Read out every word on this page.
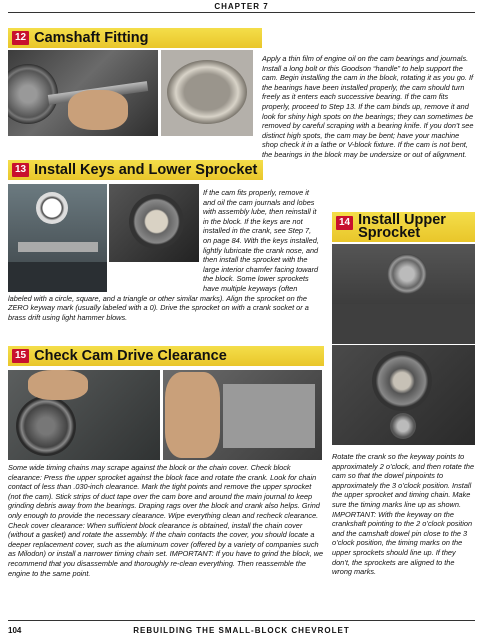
CHAPTER 7
12 Camshaft Fitting
Apply a thin film of engine oil on the cam bearings and journals. Install a long bolt or this Goodson “handle” to help support the cam. Begin installing the cam in the block, rotating it as you go. If the bearings have been installed properly, the cam should turn freely as it enters each successive bearing. If the cam fits properly, proceed to Step 13. If the cam binds up, remove it and look for shiny high spots on the bearings; they can sometimes be removed by careful scraping with a bearing knife. If you don’t see distinct high spots, the cam may be bent; have your machine shop check it in a lathe or V-block fixture. If the cam is not bent, the bearings in the block may be undersize or out of alignment.
13 Install Keys and Lower Sprocket
If the cam fits properly, remove it and oil the cam journals and lobes with assembly lube, then reinstall it in the block. If the keys are not installed in the crank, see Step 7, on page 84. With the keys installed, lightly lubricate the crank nose, and then install the sprocket with the large interior chamfer facing toward the block. Some lower sprockets have multiple keyways (often labeled with a circle, square, and a triangle or other similar marks). Align the sprocket on the ZERO keyway mark (usually labeled with a 0). Drive the sprocket on with a crank socket or a brass drift using light hammer blows.
14 Install Upper
Sprocket
Rotate the crank so the keyway points to approximately 2 o’clock, and then rotate the cam so that the dowel pinpoints to approximately the 3 o’clock position. Install the upper sprocket and timing chain. Make sure the timing marks line up as shown. IMPORTANT: With the keyway on the crankshaft pointing to the 2 o’clock position and the camshaft dowel pin close to the 3 o’clock position, the timing marks on the upper sprockets should line up. If they don’t, the sprockets are aligned to the wrong marks.
15 Check Cam Drive Clearance
Some wide timing chains may scrape against the block or the chain cover. Check block clearance: Press the upper sprocket against the block face and rotate the crank. Look for chain contact of less than .030-inch clearance. Mark the tight points and remove the upper sprocket (not the cam). Stick strips of duct tape over the cam bore and around the main journal to keep grinding debris away from the bearings. Draping rags over the block and crank also helps. Grind only enough to provide the necessary clearance. Wipe everything clean and recheck clearance. Check cover clearance: When sufficient block clearance is obtained, install the chain cover (without a gasket) and rotate the assembly. If the chain contacts the cover, you should locate a deeper replacement cover, such as the aluminum cover (offered by a variety of companies such as Milodon) or install a narrower timing chain set. IMPORTANT: If you have to grind the block, we recommend that you disassemble and thoroughly re-clean everything. Then reassemble the engine to the same point.
104	REBUILDING THE SMALL-BLOCK CHEVROLET
